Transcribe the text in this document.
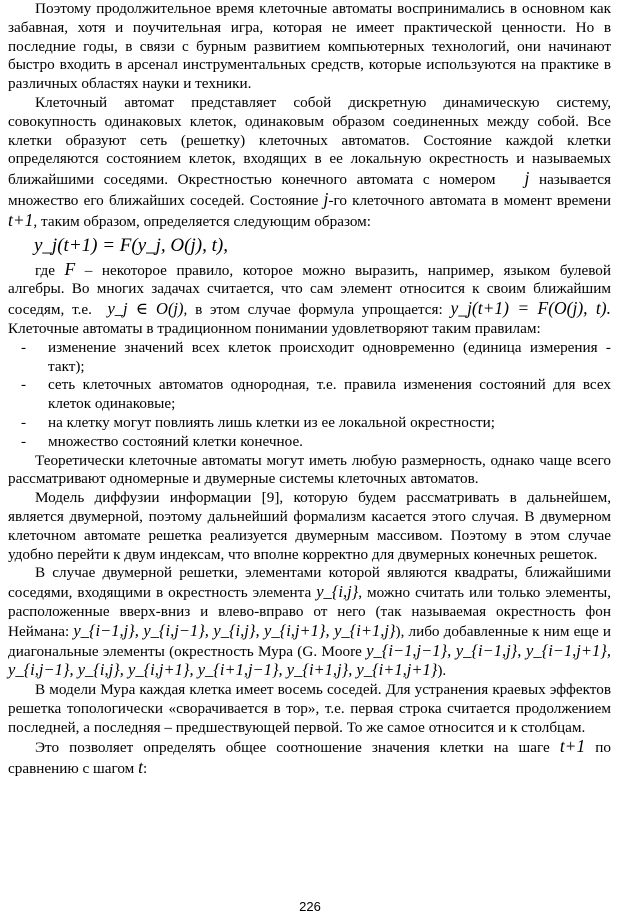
Поэтому продолжительное время клеточные автоматы воспринимались в основном как забавная, хотя и поучительная игра, которая не имеет практической ценности. Но в последние годы, в связи с бурным развитием компьютерных технологий, они начинают быстро входить в арсенал инструментальных средств, которые используются на практике в различных областях науки и техники.

Клеточный автомат представляет собой дискретную динамическую систему, совокупность одинаковых клеток, одинаковым образом соединенных между собой. Все клетки образуют сеть (решетку) клеточных автоматов. Состояние каждой клетки определяются состоянием клеток, входящих в ее локальную окрестность и называемых ближайшими соседями. Окрестностью конечного автомата с номером j называется множество его ближайших соседей. Состояние j-го клеточного автомата в момент времени t+1, таким образом, определяется следующим образом:

y_j(t+1) = F(y_j, O(j), t),

где F – некоторое правило, которое можно выразить, например, языком булевой алгебры. Во многих задачах считается, что сам элемент относится к своим ближайшим соседям, т.е. y_j ∈ O(j), в этом случае формула упрощается: y_j(t+1) = F(O(j), t). Клеточные автоматы в традиционном понимании удовлетворяют таким правилам:

- изменение значений всех клеток происходит одновременно (единица измерения - такт);
- сеть клеточных автоматов однородная, т.е. правила изменения состояний для всех клеток одинаковые;
- на клетку могут повлиять лишь клетки из ее локальной окрестности;
- множество состояний клетки конечное.

Теоретически клеточные автоматы могут иметь любую размерность, однако чаще всего рассматривают одномерные и двумерные системы клеточных автоматов.

Модель диффузии информации [9], которую будем рассматривать в дальнейшем, является двумерной, поэтому дальнейший формализм касается этого случая. В двумерном клеточном автомате решетка реализуется двумерным массивом. Поэтому в этом случае удобно перейти к двум индексам, что вполне корректно для двумерных конечных решеток.

В случае двумерной решетки, элементами которой являются квадраты, ближайшими соседями, входящими в окрестность элемента y_{i,j}, можно считать или только элементы, расположенные вверх-вниз и влево-вправо от него (так называемая окрестность фон Неймана: y_{i−1,j}, y_{i,j−1}, y_{i,j}, y_{i,j+1}, y_{i+1,j}), либо добавленные к ним еще и диагональные элементы (окрестность Мура (G. Moore y_{i−1,j−1}, y_{i−1,j}, y_{i−1,j+1}, y_{i,j−1}, y_{i,j}, y_{i,j+1}, y_{i+1,j−1}, y_{i+1,j}, y_{i+1,j+1}).

В модели Мура каждая клетка имеет восемь соседей. Для устранения краевых эффектов решетка топологически «сворачивается в тор», т.е. первая строка считается продолжением последней, а последняя – предшествующей первой. То же самое относится и к столбцам.

Это позволяет определять общее соотношение значения клетки на шаге t+1 по сравнению с шагом t:

226
